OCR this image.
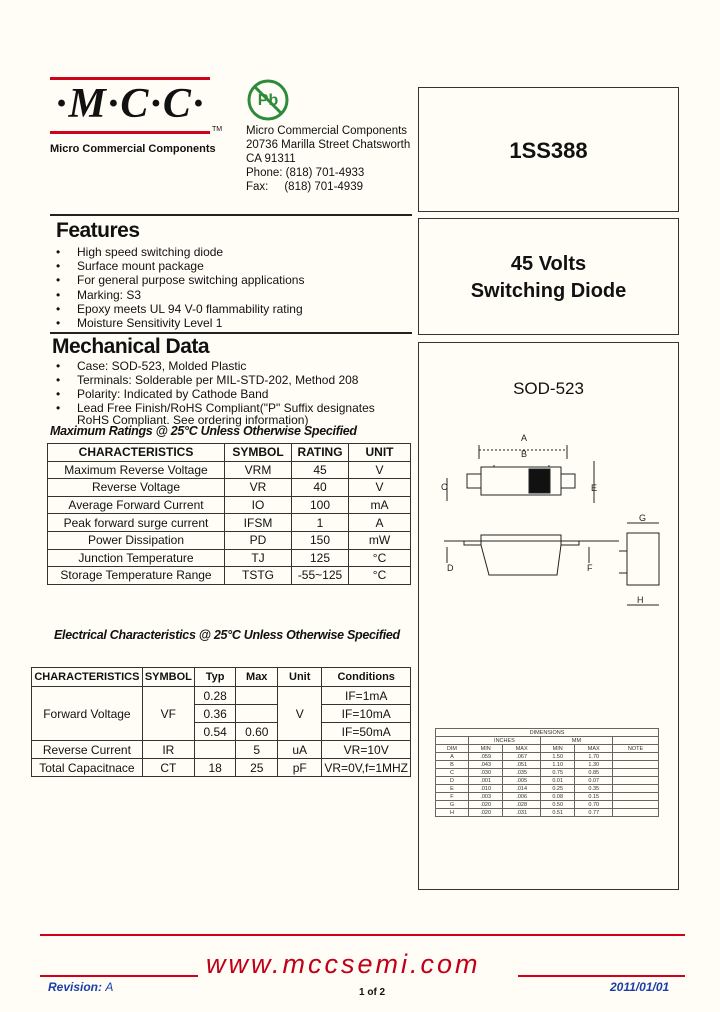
·M·C·C·
TM
Micro Commercial Components
Pb
Micro Commercial Components
20736 Marilla Street Chatsworth
CA 91311
Phone: (818) 701-4933
Fax:     (818) 701-4939
1SS388
45 Volts
Switching Diode
SOD-523
A
B
C	E
D	F
G
H
DIMENSIONS					
	INCHES		MM		
DIM	MIN	MAX	MIN	MAX	NOTE
A	.059	.067	1.50	1.70	
B	.043	.051	1.10	1.30	
C	.030	.035	0.75	0.85	
D	.001	.005	0.01	0.07	
E	.010	.014	0.25	0.35	
F	.003	.006	0.08	0.15	
G	.020	.028	0.50	0.70	
H	.020	.031	0.51	0.77	
Features
• High speed switching diode
• Surface mount package
• For general purpose switching applications
• Marking: S3
• Epoxy meets UL 94 V-0 flammability rating
• Moisture Sensitivity Level 1
Mechanical Data
• Case: SOD-523, Molded Plastic
• Terminals: Solderable per MIL-STD-202, Method 208
• Polarity: Indicated by Cathode Band
• Lead Free Finish/RoHS Compliant("P" Suffix designates RoHS Compliant. See ordering information)
Maximum Ratings @ 25°C Unless Otherwise Specified
CHARACTERISTICS	SYMBOL	RATING	UNIT
Maximum Reverse Voltage	VRM	45	V
Reverse Voltage	VR	40	V
Average Forward Current	IO	100	mA
Peak forward surge current	IFSM	1	A
Power Dissipation	PD	150	mW
Junction Temperature	TJ	125	°C
Storage Temperature Range	TSTG	-55~125	°C
Electrical Characteristics @ 25°C Unless Otherwise Specified
CHARACTERISTICS	SYMBOL	Typ	Max	Unit	Conditions
Forward Voltage	VF	0.28		V	IF=1mA
		0.36			IF=10mA
		0.54	0.60		IF=50mA
Reverse Current	IR		5	uA	VR=10V
Total Capacitnace	CT	18	25	pF	VR=0V,f=1MHZ
www.mccsemi.com
Revision: A	1 of 2	2011/01/01
